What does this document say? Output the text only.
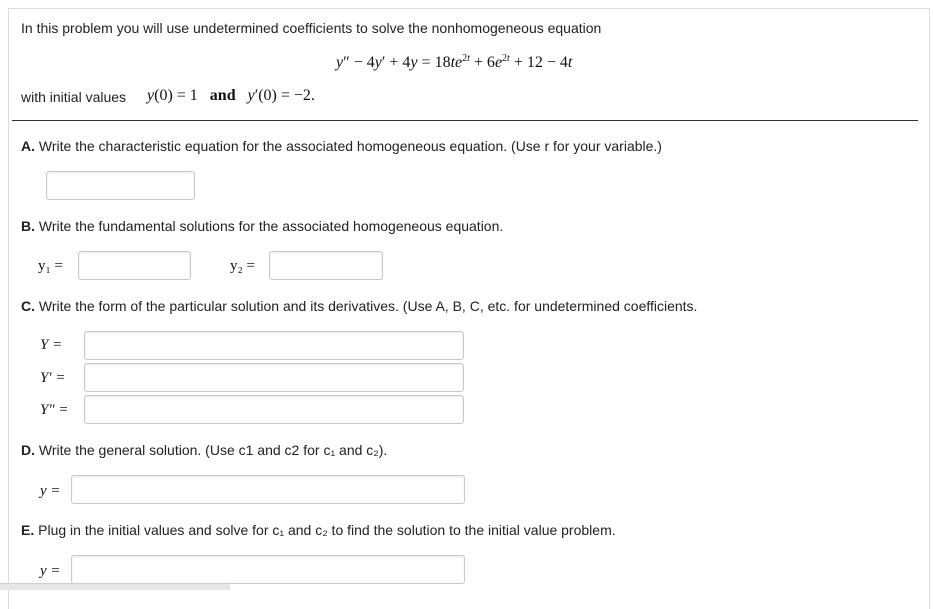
In this problem you will use undetermined coefficients to solve the nonhomogeneous equation
$y'' - 4y' + 4y = 18te^{2t} + 6e^{2t} + 12 - 4t$
with initial values y(0) = 1   and y′(0) = −2.
A. Write the characteristic equation for the associated homogeneous equation. (Use r for your variable.)
B. Write the fundamental solutions for the associated homogeneous equation.
y₁ =	y₂ =
C. Write the form of the particular solution and its derivatives. (Use A, B, C, etc. for undetermined coefficients.
Y =
Y′ =
Y″ =
D. Write the general solution. (Use c1 and c2 for c₁ and c₂).
y =
E. Plug in the initial values and solve for c₁ and c₂ to find the solution to the initial value problem.
y =
